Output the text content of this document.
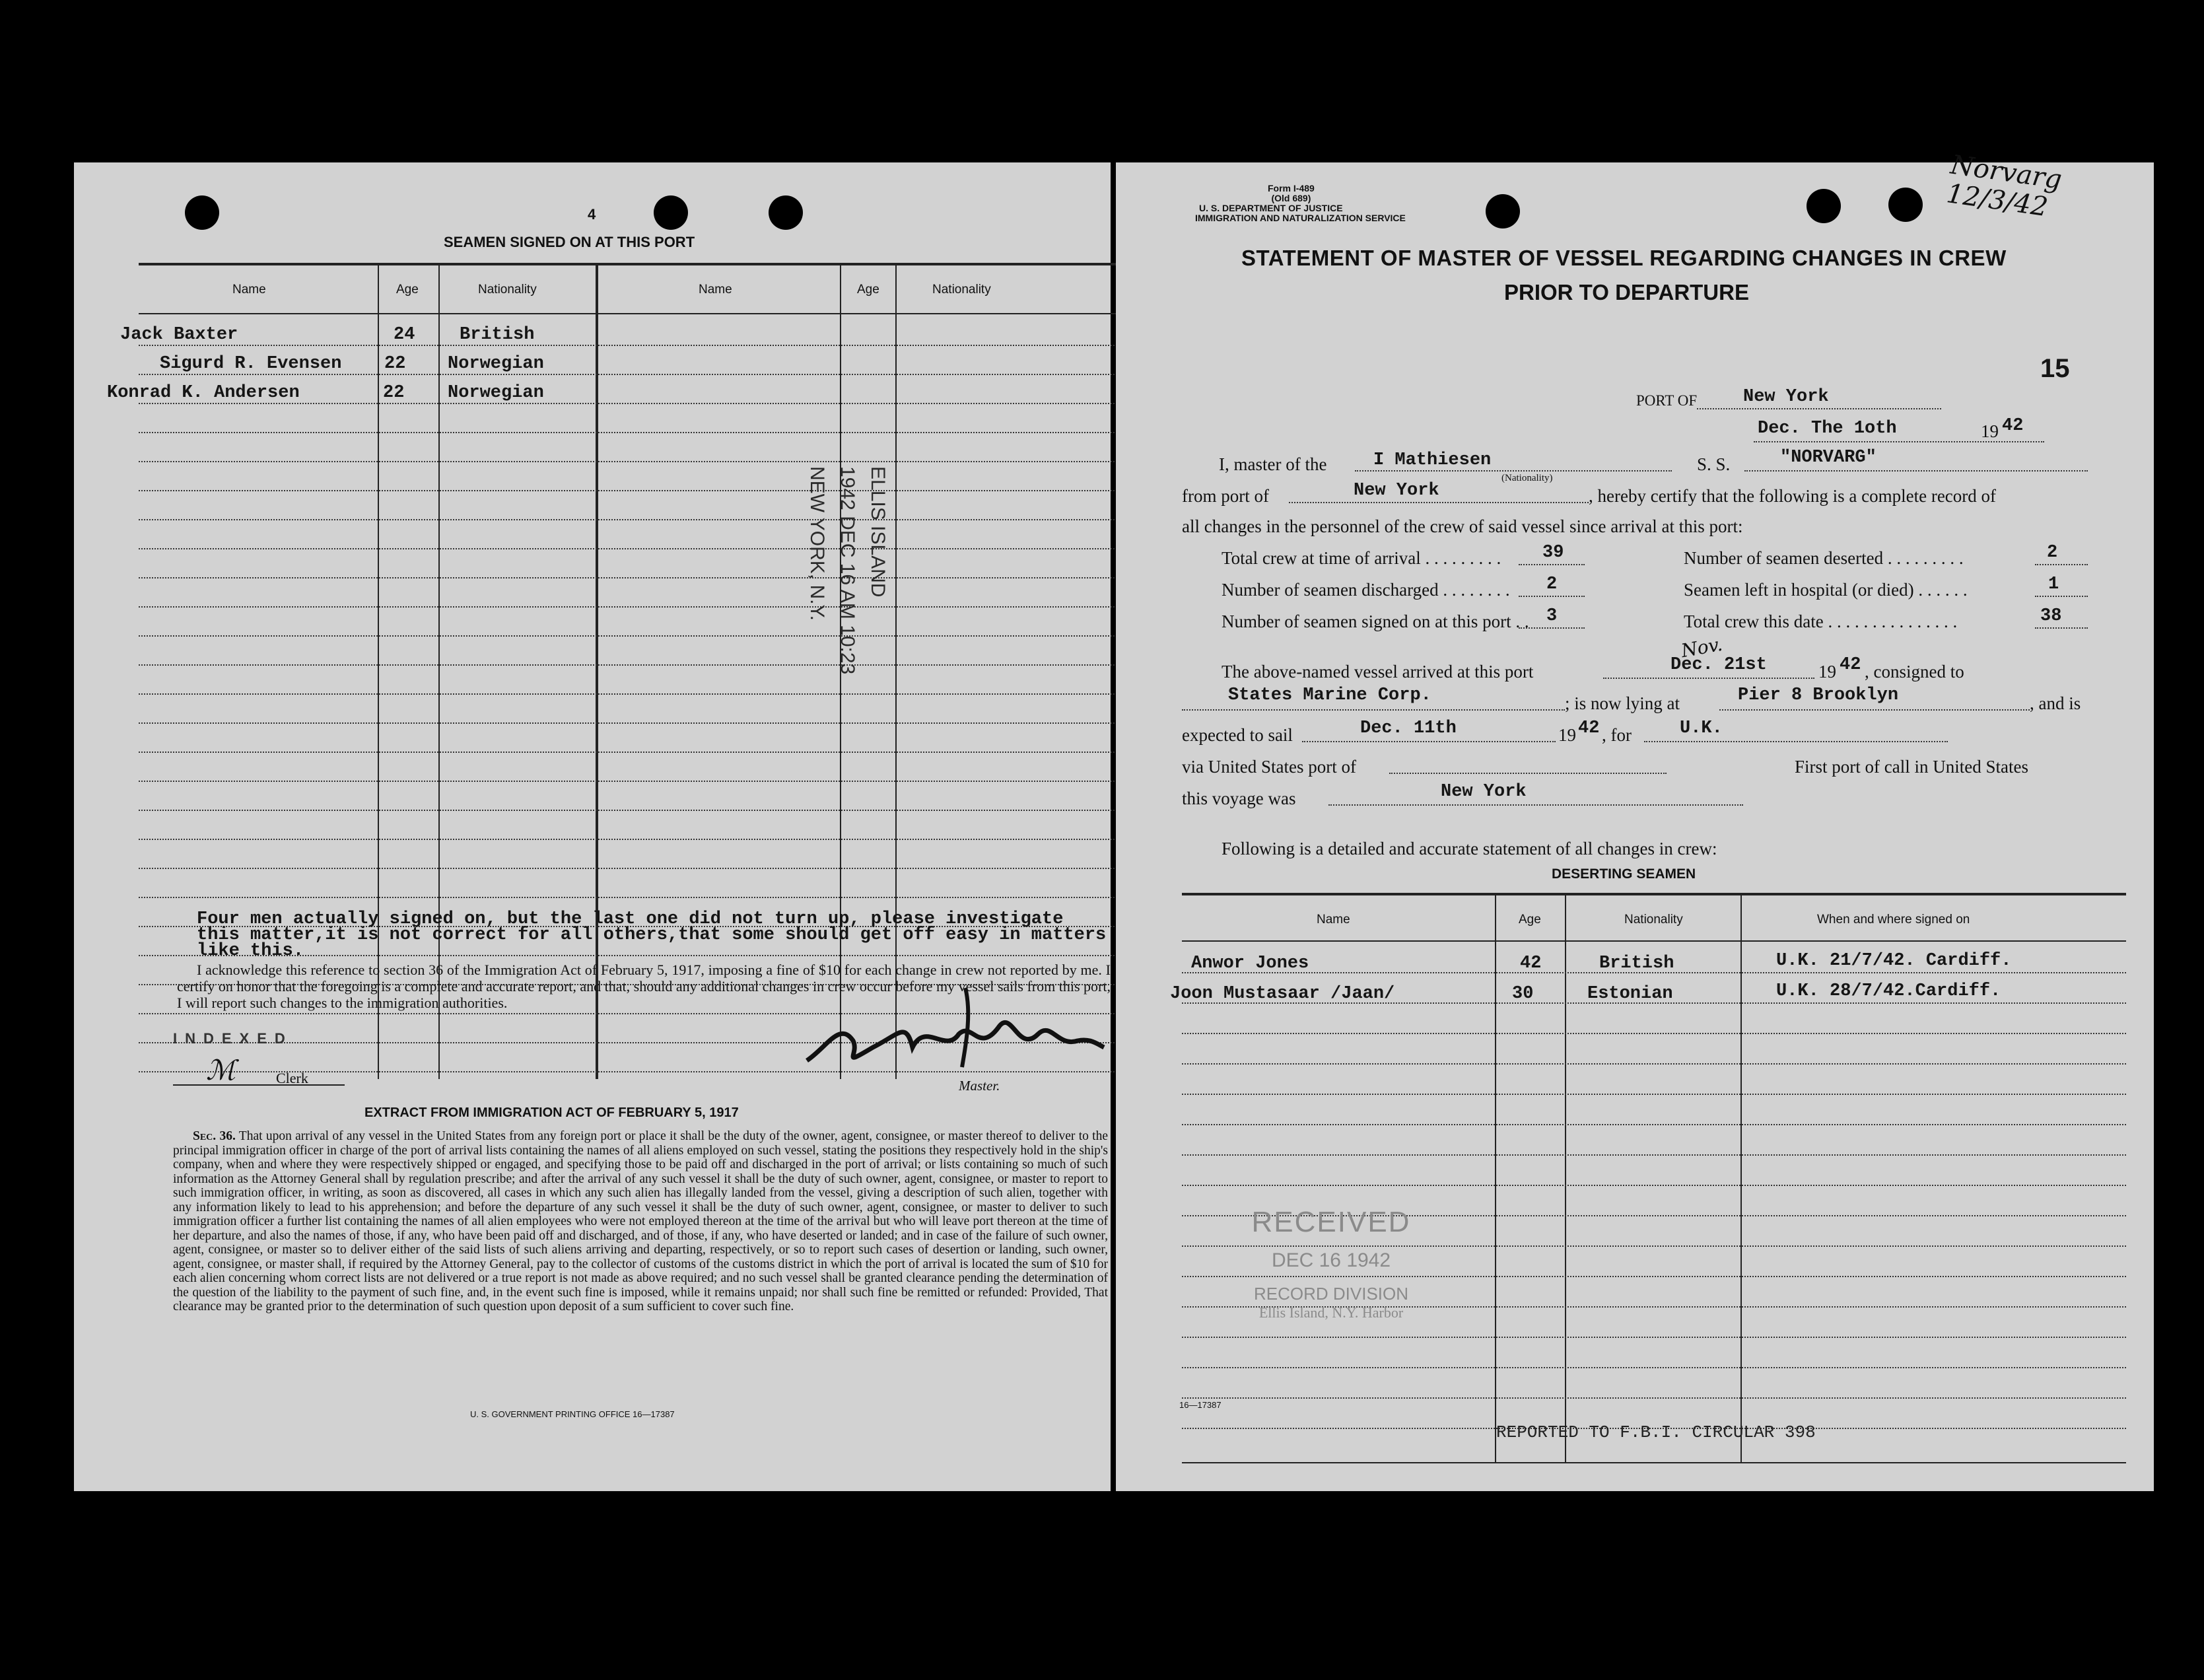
4
SEAMEN SIGNED ON AT THIS PORT
Name	Age	Nationality	Name	Age	Nationality
Jack Baxter	24	British
Sigurd R. Evensen 22 Norwegian
Konrad K. Andersen	22 Norwegian
ELLIS ISLAND
1942 DEC 16 AM 10:23
NEW YORK, N.Y.
Four men actually signed on, but the last one did not turn up, please investigate this matter,it is not correct for all others,that some should get off easy in matters like this.
I acknowledge this reference to section 36 of the Immigration Act of February 5, 1917, imposing a fine of $10 for each change in crew not reported by me. I certify on honor that the foregoing is a complete and accurate report, and that, should any additional changes in crew occur before my vessel sails from this port, I will report such changes to the immigration authorities.
INDEXED
ℳ	Clerk	Master.
EXTRACT FROM IMMIGRATION ACT OF FEBRUARY 5, 1917
Sec. 36. That upon arrival of any vessel in the United States from any foreign port or place it shall be the duty of the owner, agent, consignee, or master thereof to deliver to the principal immigration officer in charge of the port of arrival lists containing the names of all aliens employed on such vessel, stating the positions they respectively hold in the ship's company, when and where they were respectively shipped or engaged, and specifying those to be paid off and discharged in the port of arrival; or lists containing so much of such information as the Attorney General shall by regulation prescribe; and after the arrival of any such vessel it shall be the duty of such owner, agent, consignee, or master to report to such immigration officer, in writing, as soon as discovered, all cases in which any such alien has illegally landed from the vessel, giving a description of such alien, together with any information likely to lead to his apprehension; and before the departure of any such vessel it shall be the duty of such owner, agent, consignee, or master to deliver to such immigration officer a further list containing the names of all alien employees who were not employed thereon at the time of the arrival but who will leave port thereon at the time of her departure, and also the names of those, if any, who have been paid off and discharged, and of those, if any, who have deserted or landed; and in case of the failure of such owner, agent, consignee, or master so to deliver either of the said lists of such aliens arriving and departing, respectively, or so to report such cases of desertion or landing, such owner, agent, consignee, or master shall, if required by the Attorney General, pay to the collector of customs of the customs district in which the port of arrival is located the sum of $10 for each alien concerning whom correct lists are not delivered or a true report is not made as above required; and no such vessel shall be granted clearance pending the determination of the question of the liability to the payment of such fine, and, in the event such fine is imposed, while it remains unpaid; nor shall such fine be remitted or refunded: Provided, That clearance may be granted prior to the determination of such question upon deposit of a sum sufficient to cover such fine.
U. S. GOVERNMENT PRINTING OFFICE 16—17387
Form I-489
(Old 689)
U. S. DEPARTMENT OF JUSTICE
IMMIGRATION AND NATURALIZATION SERVICE
Norvarg 12/3/42
STATEMENT OF MASTER OF VESSEL REGARDING CHANGES IN CREW
PRIOR TO DEPARTURE
15
PORT OF	New York
Dec. The 1oth	19 42
I, master of the	I Mathiesen
(Nationality)
S. S.	"NORVARG"
from port of	New York	, hereby certify that the following is a complete record of
all changes in the personnel of the crew of said vessel since arrival at this port:
Total crew at time of arrival . . . . . . . . . 39	Number of seamen deserted . . . . . . . . .	2
Number of seamen discharged . . . . . . . . 2	Seamen left in hospital (or died) . . . . . .	1
Number of seamen signed on at this port . . 3	Total crew this date . . . . . . . . . . . . . . .	38
The above-named vessel arrived at this port
Nov.
Dec. 21st	19 42 , consigned to
States Marine Corp.	; is now lying at	Pier 8 Brooklyn	, and is
expected to sail	Dec. 11th	19 42 , for	U.K.
via United States port of	First port of call in United States
this voyage was	New York
Following is a detailed and accurate statement of all changes in crew:
DESERTING SEAMEN
Name	Age	Nationality	When and where signed on
Anwor Jones	42	British	U.K. 21/7/42. Cardiff.
Joon Mustasaar /Jaan/	30	Estonian	U.K. 28/7/42.Cardiff.
RECEIVED
DEC 16 1942
RECORD DIVISION
Ellis Island, N.Y. Harbor
16—17387
REPORTED TO F.B.I. CIRCULAR 398
